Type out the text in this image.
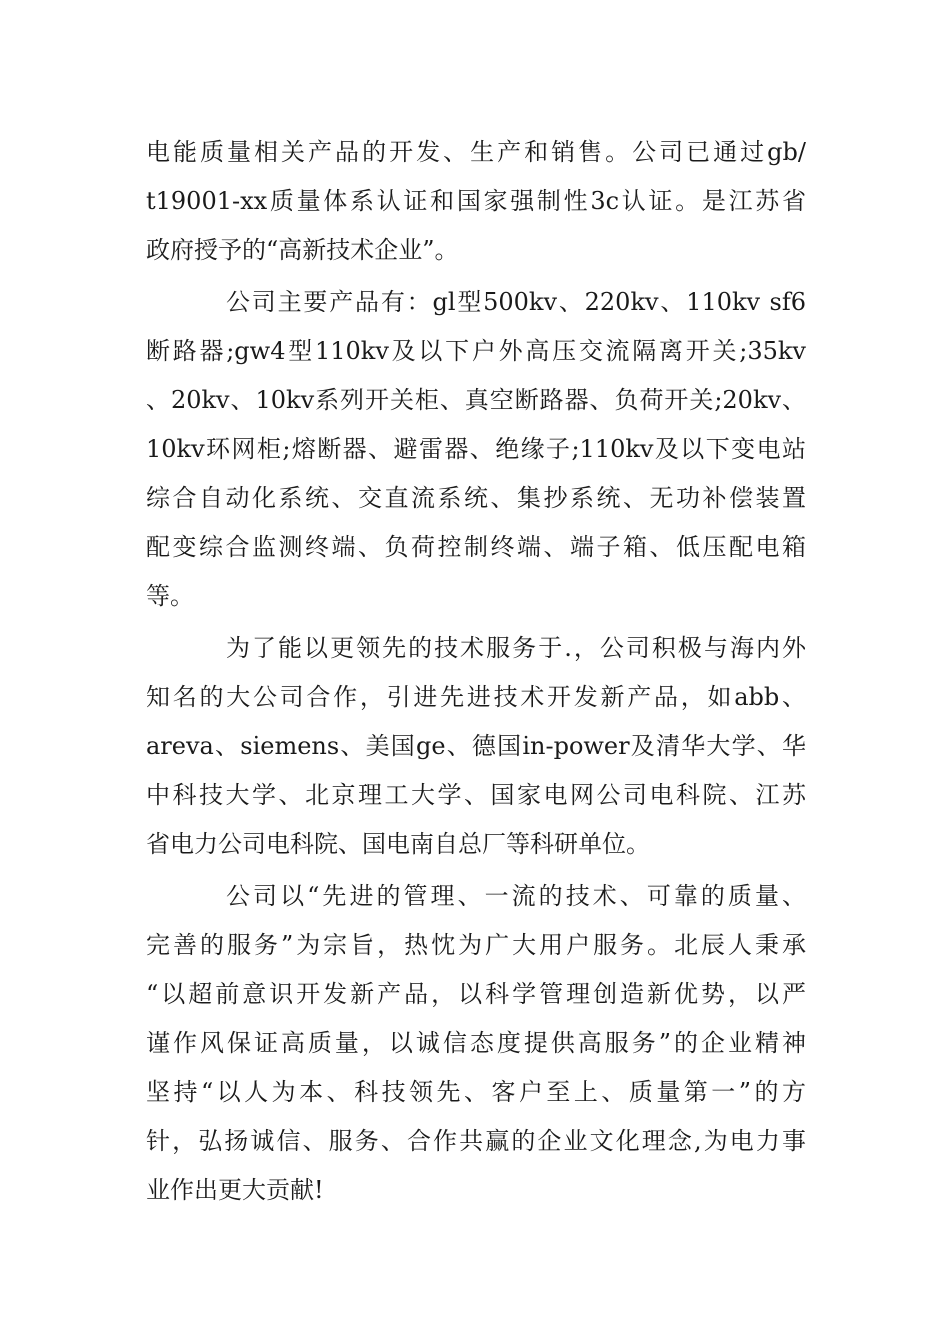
电能质量相关产品的开发、生产和销售。公司已通过gb/
t19001-xx质量体系认证和国家强制性3c认证。是江苏省
政府授予的“高新技术企业”。
公司主要产品有：gl型500kv、220kv、110kv sf6
断路器;gw4型110kv及以下户外高压交流隔离开关;35kv
、20kv、10kv系列开关柜、真空断路器、负荷开关;20kv、
10kv环网柜;熔断器、避雷器、绝缘子;110kv及以下变电站
综合自动化系统、交直流系统、集抄系统、无功补偿装置
配变综合监测终端、负荷控制终端、端子箱、低压配电箱
等。
为了能以更领先的技术服务于.，公司积极与海内外
知名的大公司合作，引进先进技术开发新产品，如abb、
areva、siemens、美国ge、德国in-power及清华大学、华
中科技大学、北京理工大学、国家电网公司电科院、江苏
省电力公司电科院、国电南自总厂等科研单位。
公司以“先进的管理、一流的技术、可靠的质量、
完善的服务”为宗旨，热忱为广大用户服务。北辰人秉承
“以超前意识开发新产品，以科学管理创造新优势，以严
谨作风保证高质量，以诚信态度提供高服务”的企业精神
坚持“以人为本、科技领先、客户至上、质量第一”的方
针，弘扬诚信、服务、合作共赢的企业文化理念,为电力事
业作出更大贡献!
